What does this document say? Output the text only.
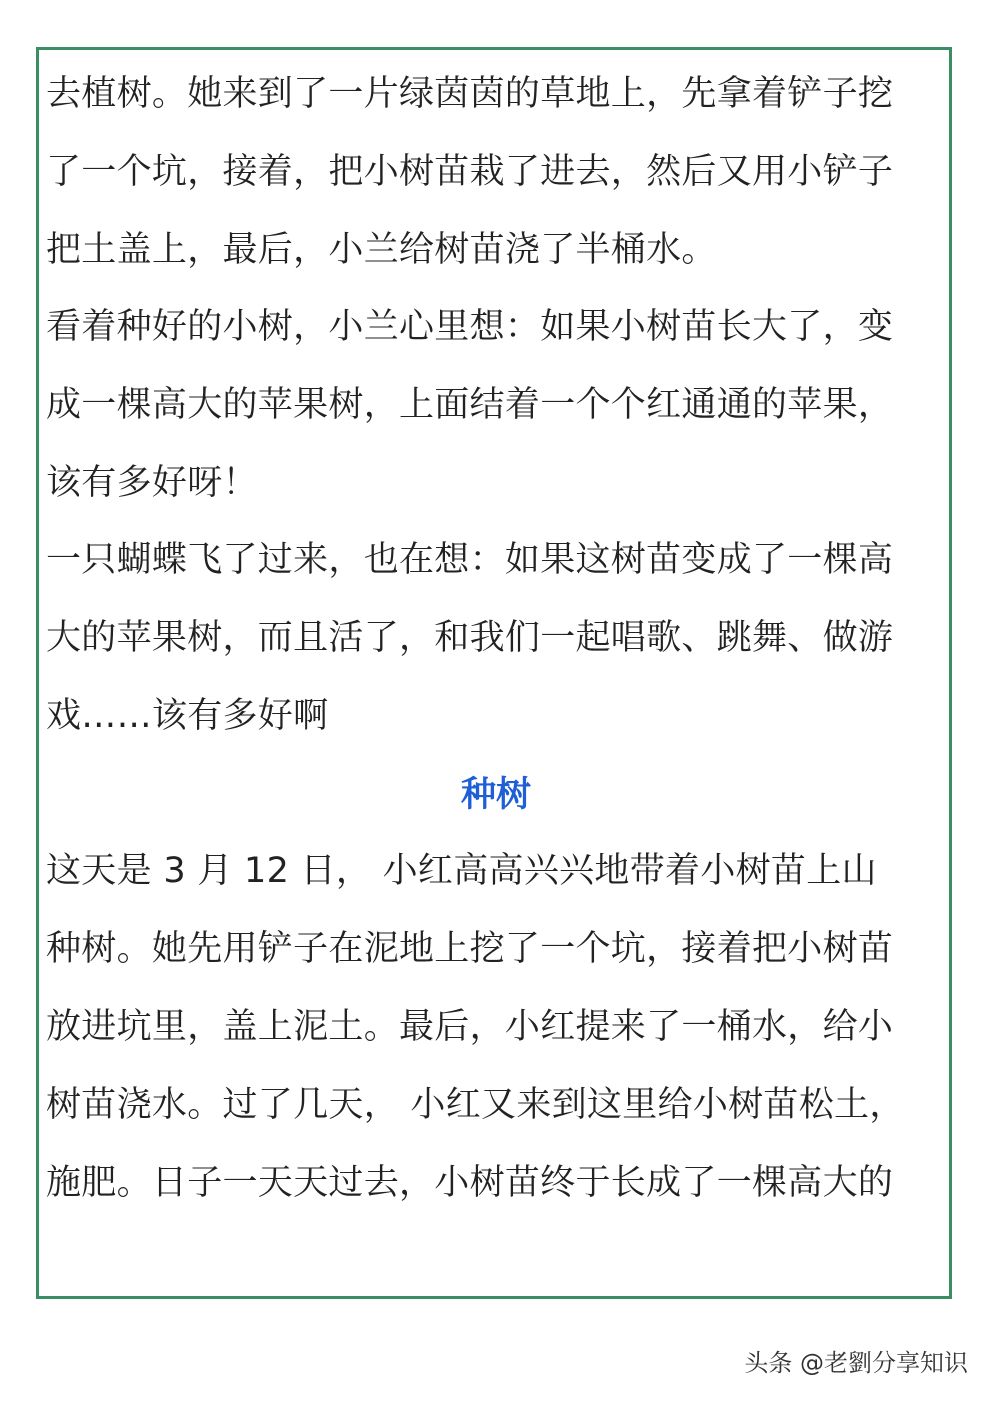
去植树。她来到了一片绿茵茵的草地上，先拿着铲子挖
了一个坑，接着，把小树苗栽了进去，然后又用小铲子
把土盖上，最后，小兰给树苗浇了半桶水。
看着种好的小树，小兰心里想：如果小树苗长大了，变
成一棵高大的苹果树，上面结着一个个红通通的苹果，
该有多好呀！
一只蝴蝶飞了过来，也在想：如果这树苗变成了一棵高
大的苹果树，而且活了，和我们一起唱歌、跳舞、做游
戏……该有多好啊
种树
这天是 3 月 12 日， 小红高高兴兴地带着小树苗上山
种树。她先用铲子在泥地上挖了一个坑，接着把小树苗
放进坑里，盖上泥土。最后，小红提来了一桶水，给小
树苗浇水。过了几天， 小红又来到这里给小树苗松土，
施肥。日子一天天过去，小树苗终于长成了一棵高大的
头条 @老劉分享知识
